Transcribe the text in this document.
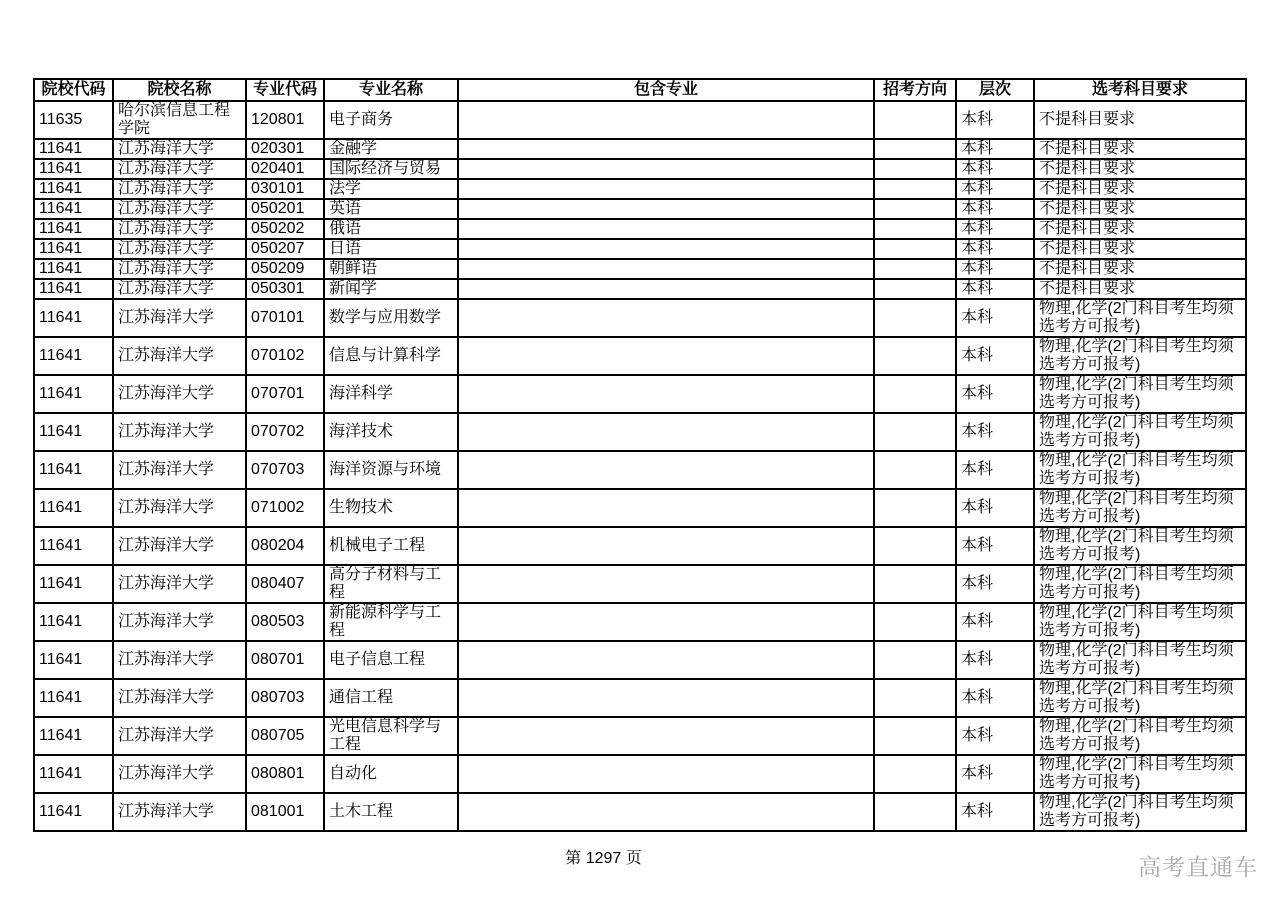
院校代码	院校名称	专业代码	专业名称	包含专业	招考方向	层次	选考科目要求
11635	哈尔滨信息工程学院	120801	电子商务			本科	不提科目要求
11641	江苏海洋大学	020301	金融学			本科	不提科目要求
11641	江苏海洋大学	020401	国际经济与贸易			本科	不提科目要求
11641	江苏海洋大学	030101	法学			本科	不提科目要求
11641	江苏海洋大学	050201	英语			本科	不提科目要求
11641	江苏海洋大学	050202	俄语			本科	不提科目要求
11641	江苏海洋大学	050207	日语			本科	不提科目要求
11641	江苏海洋大学	050209	朝鲜语			本科	不提科目要求
11641	江苏海洋大学	050301	新闻学			本科	不提科目要求
11641	江苏海洋大学	070101	数学与应用数学			本科	物理,化学(2门科目考生均须选考方可报考)
11641	江苏海洋大学	070102	信息与计算科学			本科	物理,化学(2门科目考生均须选考方可报考)
11641	江苏海洋大学	070701	海洋科学			本科	物理,化学(2门科目考生均须选考方可报考)
11641	江苏海洋大学	070702	海洋技术			本科	物理,化学(2门科目考生均须选考方可报考)
11641	江苏海洋大学	070703	海洋资源与环境			本科	物理,化学(2门科目考生均须选考方可报考)
11641	江苏海洋大学	071002	生物技术			本科	物理,化学(2门科目考生均须选考方可报考)
11641	江苏海洋大学	080204	机械电子工程			本科	物理,化学(2门科目考生均须选考方可报考)
11641	江苏海洋大学	080407	高分子材料与工程			本科	物理,化学(2门科目考生均须选考方可报考)
11641	江苏海洋大学	080503	新能源科学与工程			本科	物理,化学(2门科目考生均须选考方可报考)
11641	江苏海洋大学	080701	电子信息工程			本科	物理,化学(2门科目考生均须选考方可报考)
11641	江苏海洋大学	080703	通信工程			本科	物理,化学(2门科目考生均须选考方可报考)
11641	江苏海洋大学	080705	光电信息科学与工程			本科	物理,化学(2门科目考生均须选考方可报考)
11641	江苏海洋大学	080801	自动化			本科	物理,化学(2门科目考生均须选考方可报考)
11641	江苏海洋大学	081001	土木工程			本科	物理,化学(2门科目考生均须选考方可报考)
第 1297 页	高考直通车
